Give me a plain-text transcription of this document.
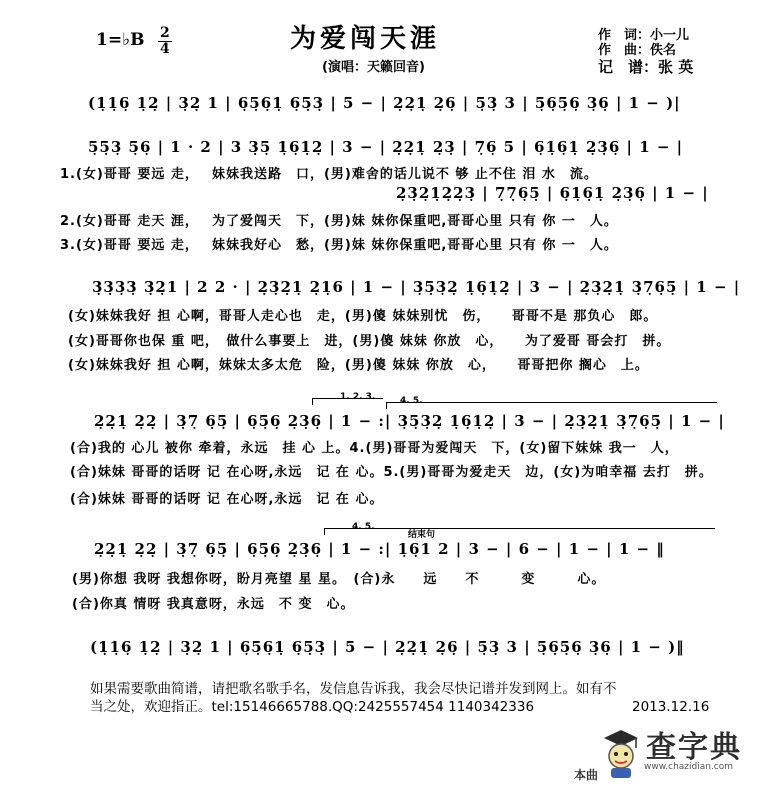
1=♭B $\frac{2}{4}$	为爱闯天涯
(演唱：天籁回音)
作　词：小一儿
作　曲：佚名
记　谱：张 英
(1̣1̣6̣ 1̣2̣ | 3̣2̣ 1 | 6̣5̣6̣1̣ 6̣5̣3̣ | 5 − | 2̣2̣1̣ 2̣6̣ | 5̣3̣ 3 | 5̣6̣5̣6̣ 3̣6̣ | 1 − )|
5̣5̣3̣ 5̣6̣ | 1 · 2 | 3 3̣5̣ 1̣6̣1̣2̣ | 3 − | 2̣2̣1̣ 2̣3̣ | 7̣6̣ 5 | 6̣1̣6̣1̣ 2̣3̣6̣ | 1 − |
1.(女)哥哥 要远 走，　 妹妹我送路　口，(男)难舍的话儿说不 够 止不住 泪 水　流。
2̣3̣2̣1̣2̣2̣3̣ | 7̣7̣6̣5̣ | 6̣1̣6̣1̣ 2̣3̣6̣ | 1 − |
2.(女)哥哥 走天 涯，　 为了爱闯天　下，(男)妹 妹你保重吧,哥哥心里 只有 你 一　人。
3.(女)哥哥 要远 走，　 妹妹我好心　愁，(男)妹 妹你保重吧,哥哥心里 只有 你 一　人。
3̣3̣3̣3̣ 3̣2̣1 | 2 2 · | 2̣3̣2̣1̣ 2̣1̣6 | 1 − | 3̣5̣3̣2̣ 1̣6̣1̣2̣ | 3 − | 2̣3̣2̣1̣ 3̣7̣6̣5̣ | 1 − |
(女)妹妹我好 担 心啊，哥哥人走心也　走，(男)傻 妹妹别忧　伤，　　哥哥不是 那负心　郎。
(女)哥哥你也保 重 吧，　做什么事要上　进，(男)傻 妹妹 你放　心，　　为了爱哥 哥会打　拼。
(女)妹妹我好 担 心啊，妹妹太多太危　险，(男)傻 妹妹 你放　心，　　哥哥把你 搁心　上。
1. 2. 3.	4. 5.
2̣2̣1̣ 2̣2̣ | 3̣7̣ 6̣5̣ | 6̣5̣6̣ 2̣3̣6̣ | 1 − :| 3̣5̣3̣2̣ 1̣6̣1̣2̣ | 3 − | 2̣3̣2̣1̣ 3̣7̣6̣5̣ | 1 − |
(合)我的 心儿 被你 牵着，永远　挂 心 上。4.(男)哥哥为爱闯天　下，(女)留下妹妹 我一　人，
(合)妹妹 哥哥的话呀 记 在心呀,永远　记 在 心。5.(男)哥哥为爱走天　边，(女)为咱幸福 去打　拼。
(合)妹妹 哥哥的话呀 记 在心呀,永远　记 在 心。
4. 5.
结束句
2̣2̣1̣ 2̣2̣ | 3̣7̣ 6̣5̣ | 6̣5̣6̣ 2̣3̣6̣ | 1 − :| 1̣6̣1 2 | 3 − | 6 − | 1 − | 1 − ‖
(男)你想 我呀 我想你呀，盼月亮望 星 星。　(合)永　　远　　不　　　变　　　心。
(合)你真 情呀 我真意呀，永远　不 变　心。
(1̣1̣6̣ 1̣2̣ | 3̣2̣ 1 | 6̣5̣6̣1̣ 6̣5̣3̣ | 5 − | 2̣2̣1̣ 2̣6̣ | 5̣3̣ 3 | 5̣6̣5̣6̣ 3̣6̣ | 1 − )‖
如果需要歌曲简谱，请把歌名歌手名，发信息告诉我，我会尽快记谱并发到网上。如有不
当之处，欢迎指正。tel:15146665788.QQ:2425557454 1140342336	2013.12.16
本曲
查字典
www.chazidian.com
